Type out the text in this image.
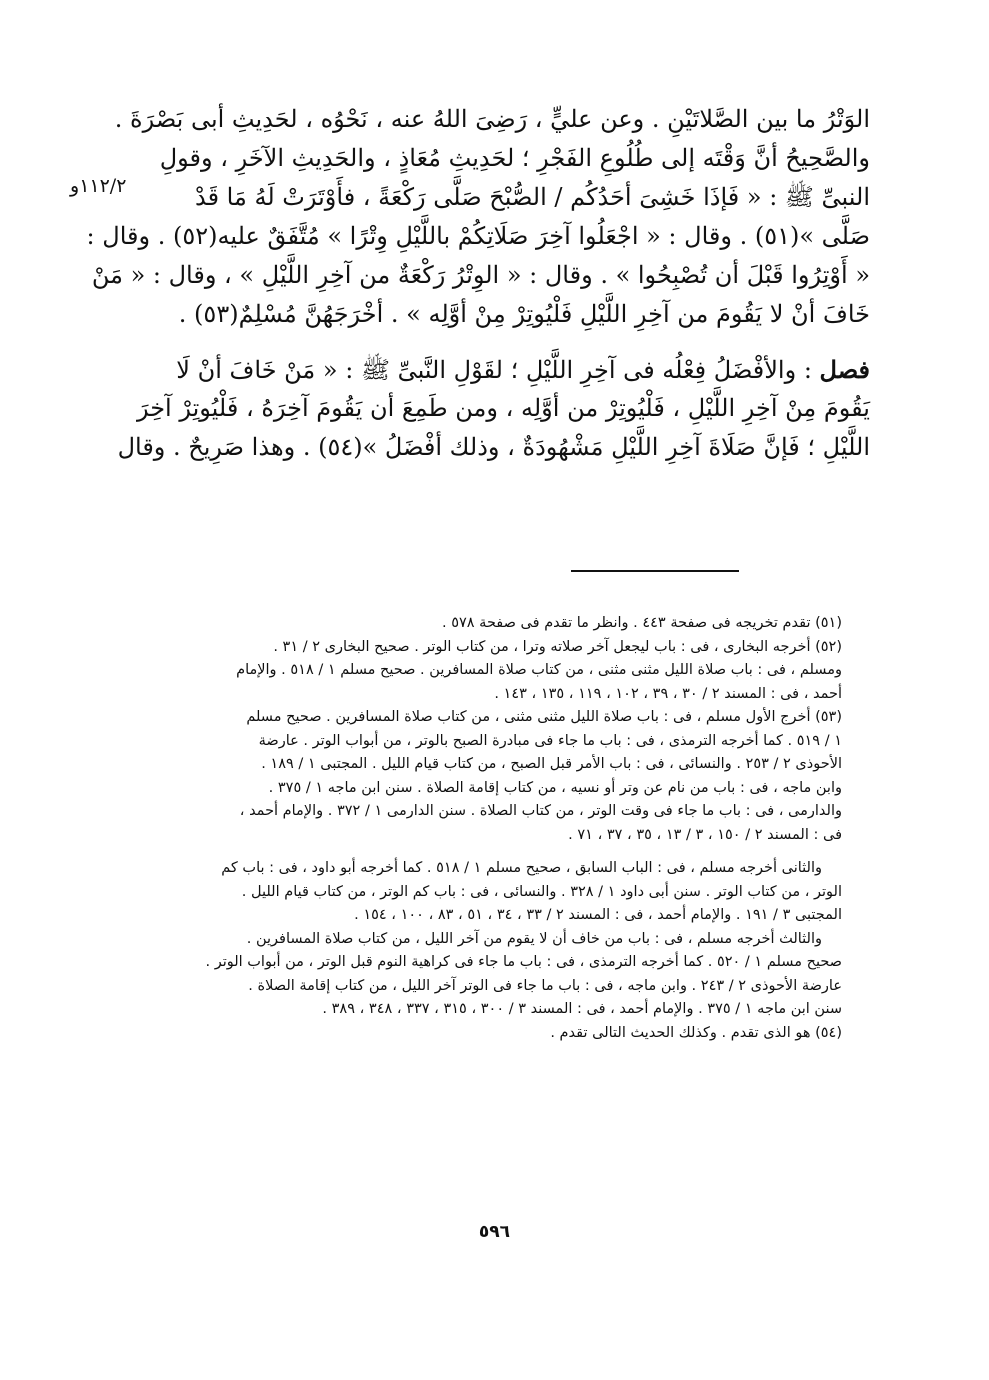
۱۱۲/۲و
الوَتْرُ ما بين الصَّلاتَيْنِ . وعن عليٍّ ، رَضِىَ اللهُ عنه ، نَحْوُه ، لحَدِيثِ أبى بَصْرَةَ .
والصَّحِيحُ أنَّ وَقْتَه إلى طُلُوعِ الفَجْرِ ؛ لحَدِيثِ مُعَاذٍ ، والحَدِيثِ الآخَرِ ، وقولِ
النبىِّ ﷺ : « فَإذَا خَشِىَ أحَدُكُم / الصُّبْحَ صَلَّى رَكْعَةً ، فأَوْتَرَتْ لَهُ مَا قَدْ
صَلَّى »(٥١) . وقال : « اجْعَلُوا آخِرَ صَلَاتِكُمْ باللَّيْلِ وِتْرًا » مُتَّفَقٌ عليه(٥٢) . وقال :
« أَوْتِرُوا قَبْلَ أن تُصْبِحُوا » . وقال : « الوِتْرُ رَكْعَةٌ من آخِرِ اللَّيْلِ » ، وقال : « مَنْ
خَافَ أنْ لا يَقُومَ من آخِرِ اللَّيْلِ فَلْيُوتِرْ مِنْ أوَّلِه » . أخْرَجَهُنَّ مُسْلِمٌ(٥٣) .
فصل : والأفْضَلُ فِعْلُه فى آخِرِ اللَّيْلِ ؛ لقَوْلِ النَّبىِّ ﷺ : « مَنْ خَافَ أنْ لَا
يَقُومَ مِنْ آخِرِ اللَّيْلِ ، فَلْيُوتِرْ من أوَّلِه ، ومن طَمِعَ أن يَقُومَ آخِرَهُ ، فَلْيُوتِرْ آخِرَ
اللَّيْلِ ؛ فَإنَّ صَلَاةَ آخِرِ اللَّيْلِ مَشْهُودَةٌ ، وذلك أفْضَلُ »(٥٤) . وهذا صَرِيحٌ . وقال
(٥١) تقدم تخريجه فى صفحة ٤٤٣ . وانظر ما تقدم فى صفحة ٥٧٨ .
(٥٢) أخرجه البخارى ، فى : باب ليجعل آخر صلاته وترا ، من كتاب الوتر . صحيح البخارى ٢ / ٣١ .
ومسلم ، فى : باب صلاة الليل مثنى مثنى ، من كتاب صلاة المسافرين . صحيح مسلم ١ / ٥١٨ . والإمام
أحمد ، فى : المسند ٢ / ٣٠ ، ٣٩ ، ١٠٢ ، ١١٩ ، ١٣٥ ، ١٤٣ .
(٥٣) أخرج الأول مسلم ، فى : باب صلاة الليل مثنى مثنى ، من كتاب صلاة المسافرين . صحيح مسلم
١ / ٥١٩ . كما أخرجه الترمذى ، فى : باب ما جاء فى مبادرة الصبح بالوتر ، من أبواب الوتر . عارضة
الأحوذى ٢ / ٢٥٣ . والنسائى ، فى : باب الأمر قبل الصبح ، من كتاب قيام الليل . المجتبى ١ / ١٨٩ .
وابن ماجه ، فى : باب من نام عن وتر أو نسيه ، من كتاب إقامة الصلاة . سنن ابن ماجه ١ / ٣٧٥ .
والدارمى ، فى : باب ما جاء فى وقت الوتر ، من كتاب الصلاة . سنن الدارمى ١ / ٣٧٢ . والإمام أحمد ،
فى : المسند ٢ / ١٥٠ ، ٣ / ١٣ ، ٣٥ ، ٣٧ ، ٧١ .
والثانى أخرجه مسلم ، فى : الباب السابق ، صحيح مسلم ١ / ٥١٨ . كما أخرجه أبو داود ، فى : باب كم
الوتر ، من كتاب الوتر . سنن أبى داود ١ / ٣٢٨ . والنسائى ، فى : باب كم الوتر ، من كتاب قيام الليل .
المجتبى ٣ / ١٩١ . والإمام أحمد ، فى : المسند ٢ / ٣٣ ، ٣٤ ، ٥١ ، ٨٣ ، ١٠٠ ، ١٥٤ .
والثالث أخرجه مسلم ، فى : باب من خاف أن لا يقوم من آخر الليل ، من كتاب صلاة المسافرين .
صحيح مسلم ١ / ٥٢٠ . كما أخرجه الترمذى ، فى : باب ما جاء فى كراهية النوم قبل الوتر ، من أبواب الوتر .
عارضة الأحوذى ٢ / ٢٤٣ . وابن ماجه ، فى : باب ما جاء فى الوتر آخر الليل ، من كتاب إقامة الصلاة .
سنن ابن ماجه ١ / ٣٧٥ . والإمام أحمد ، فى : المسند ٣ / ٣٠٠ ، ٣١٥ ، ٣٣٧ ، ٣٤٨ ، ٣٨٩ .
(٥٤) هو الذى تقدم . وكذلك الحديث التالى تقدم .
٥٩٦
